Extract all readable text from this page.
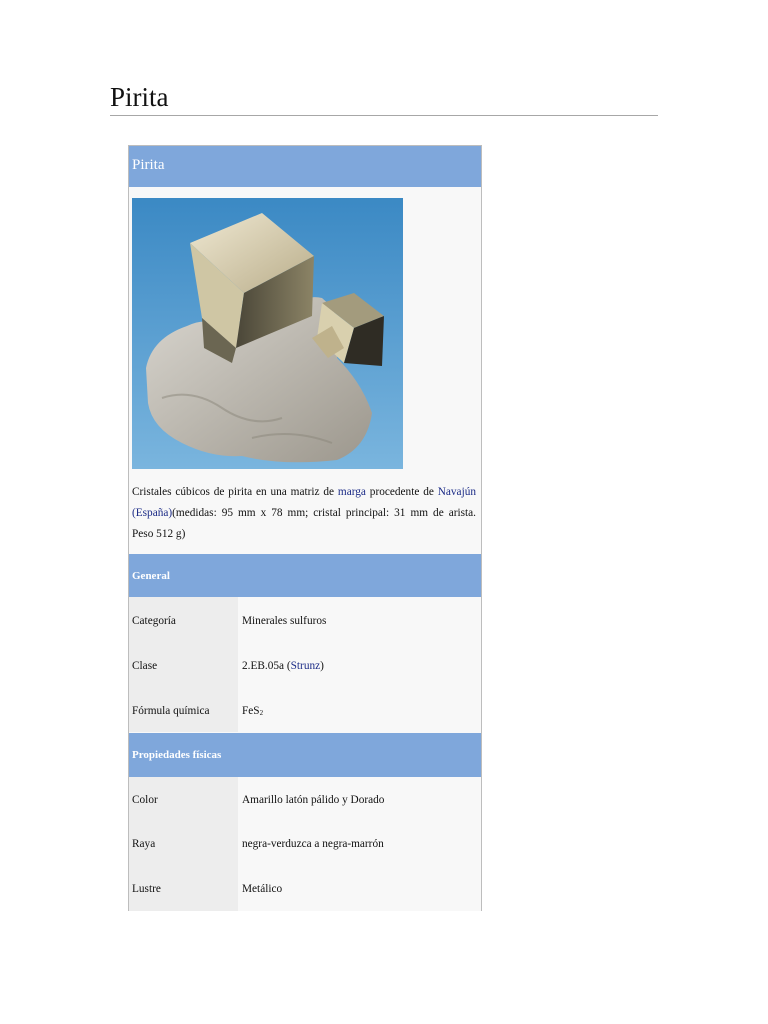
Pirita
Pirita
Cristales cúbicos de pirita en una matriz de marga procedente de Navajún (España)(medidas: 95 mm x 78 mm; cristal principal: 31 mm de arista. Peso 512 g)
General
Categoría	Minerales sulfuros
Clase	2.EB.05a (Strunz)
Fórmula química	FeS$_2$
Propiedades físicas
Color	Amarillo latón pálido y Dorado
Raya	negra-verduzca a negra-marrón
Lustre	Metálico
